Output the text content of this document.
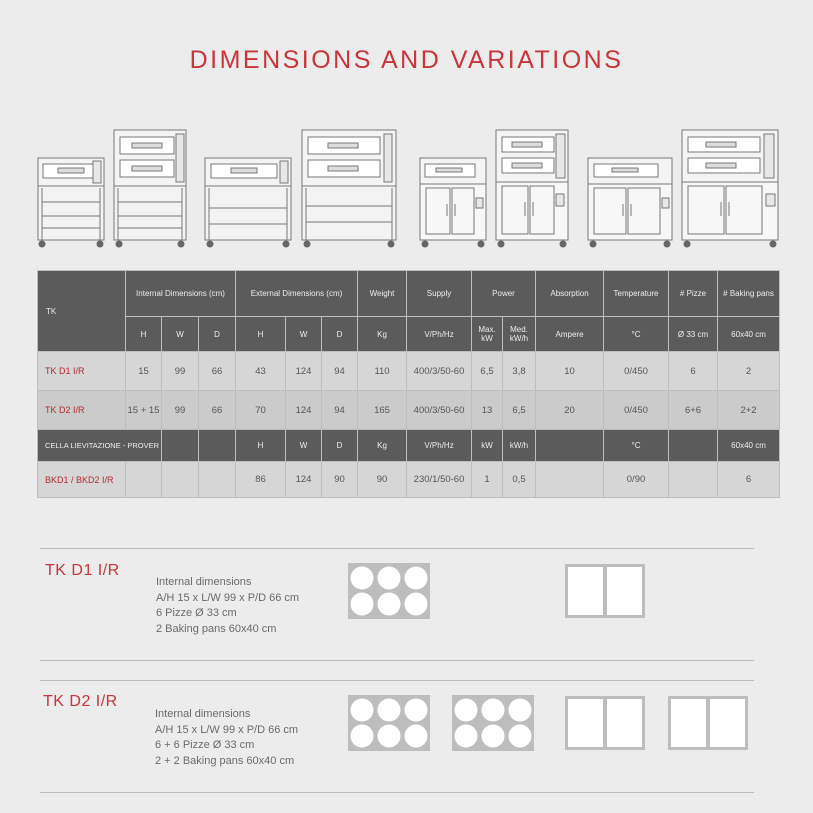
DIMENSIONS AND VARIATIONS
TK	Internal Dimensions (cm)			External Dimensions (cm)			Weight	Supply	Power		Absorption	Temperature	# Pizze	# Baking pans
	H	W	D	H	W	D	Kg	V/Ph/Hz	Max. kW	Med. kW/h	Ampere	°C	Ø 33 cm	60x40 cm
TK D1 I/R	15	99	66	43	124	94	110	400/3/50-60	6,5	3,8	10	0/450	6	2
TK D2 I/R	15 + 15	99	66	70	124	94	165	400/3/50-60	13	6,5	20	0/450	6+6	2+2
CELLA LIEVITAZIONE - PROVER				H	W	D	Kg	V/Ph/Hz	kW	kW/h		°C		60x40 cm
BKD1 / BKD2 I/R				86	124	90	90	230/1/50-60	1	0,5		0/90		6
TK D1 I/R
Internal dimensions
A/H 15 x L/W 99 x P/D 66 cm
6 Pizze Ø 33 cm
2 Baking pans 60x40 cm
TK D2 I/R
Internal dimensions
A/H 15 x L/W 99 x P/D 66 cm
6 + 6 Pizze Ø 33 cm
2 + 2 Baking pans 60x40 cm
